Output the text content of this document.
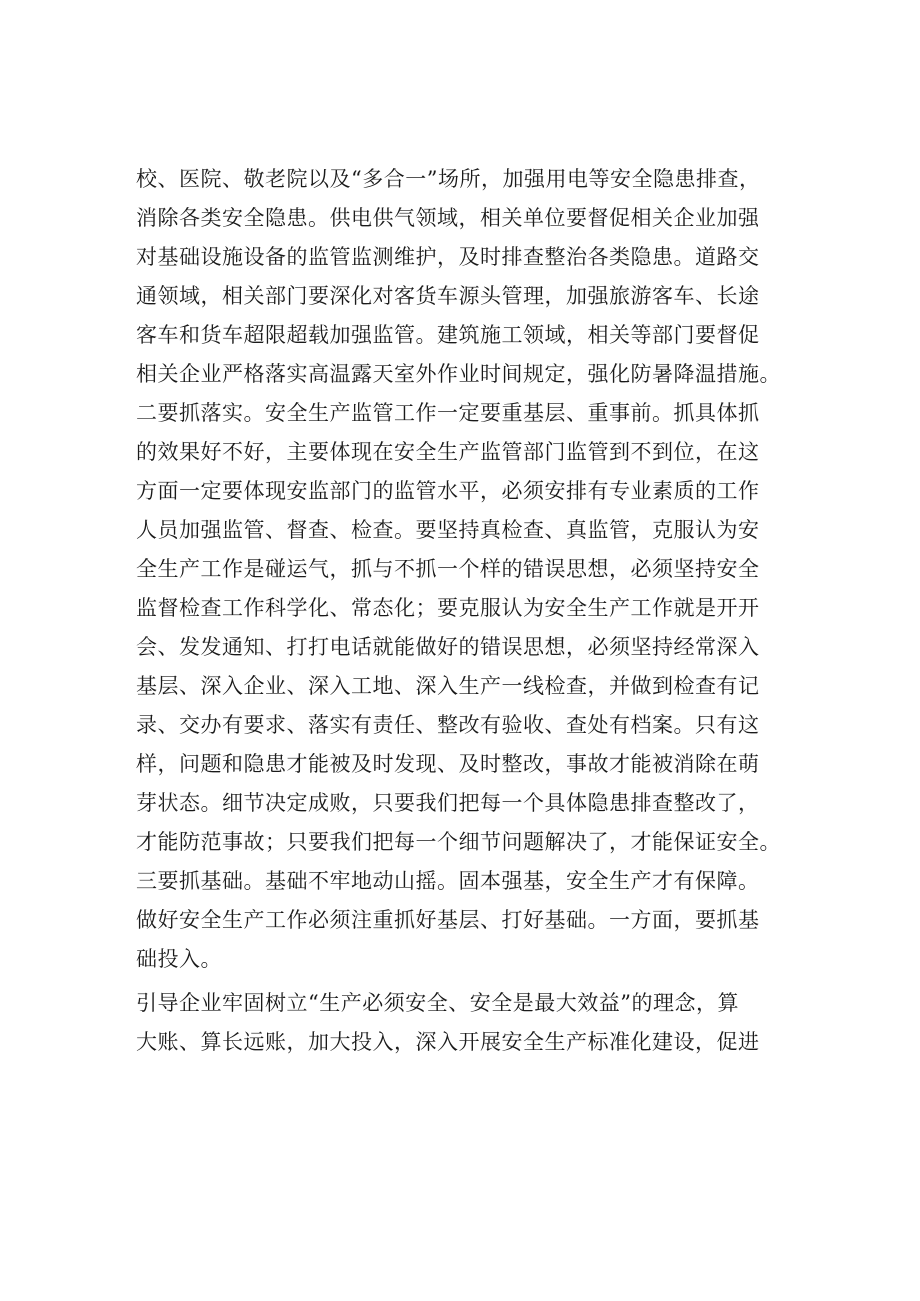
校、医院、敬老院以及“多合一”场所，加强用电等安全隐患排查，
消除各类安全隐患。供电供气领域，相关单位要督促相关企业加强
对基础设施设备的监管监测维护，及时排查整治各类隐患。道路交
通领域，相关部门要深化对客货车源头管理，加强旅游客车、长途
客车和货车超限超载加强监管。建筑施工领域，相关等部门要督促
相关企业严格落实高温露天室外作业时间规定，强化防暑降温措施。
二要抓落实。安全生产监管工作一定要重基层、重事前。抓具体抓
的效果好不好，主要体现在安全生产监管部门监管到不到位，在这
方面一定要体现安监部门的监管水平，必须安排有专业素质的工作
人员加强监管、督查、检查。要坚持真检查、真监管，克服认为安
全生产工作是碰运气，抓与不抓一个样的错误思想，必须坚持安全
监督检查工作科学化、常态化；要克服认为安全生产工作就是开开
会、发发通知、打打电话就能做好的错误思想，必须坚持经常深入
基层、深入企业、深入工地、深入生产一线检查，并做到检查有记
录、交办有要求、落实有责任、整改有验收、查处有档案。只有这
样，问题和隐患才能被及时发现、及时整改，事故才能被消除在萌
芽状态。细节决定成败，只要我们把每一个具体隐患排查整改了，
才能防范事故；只要我们把每一个细节问题解决了，才能保证安全。
三要抓基础。基础不牢地动山摇。固本强基，安全生产才有保障。
做好安全生产工作必须注重抓好基层、打好基础。一方面，要抓基
础投入。
引导企业牢固树立“生产必须安全、安全是最大效益”的理念，算
大账、算长远账，加大投入，深入开展安全生产标准化建设，促进
